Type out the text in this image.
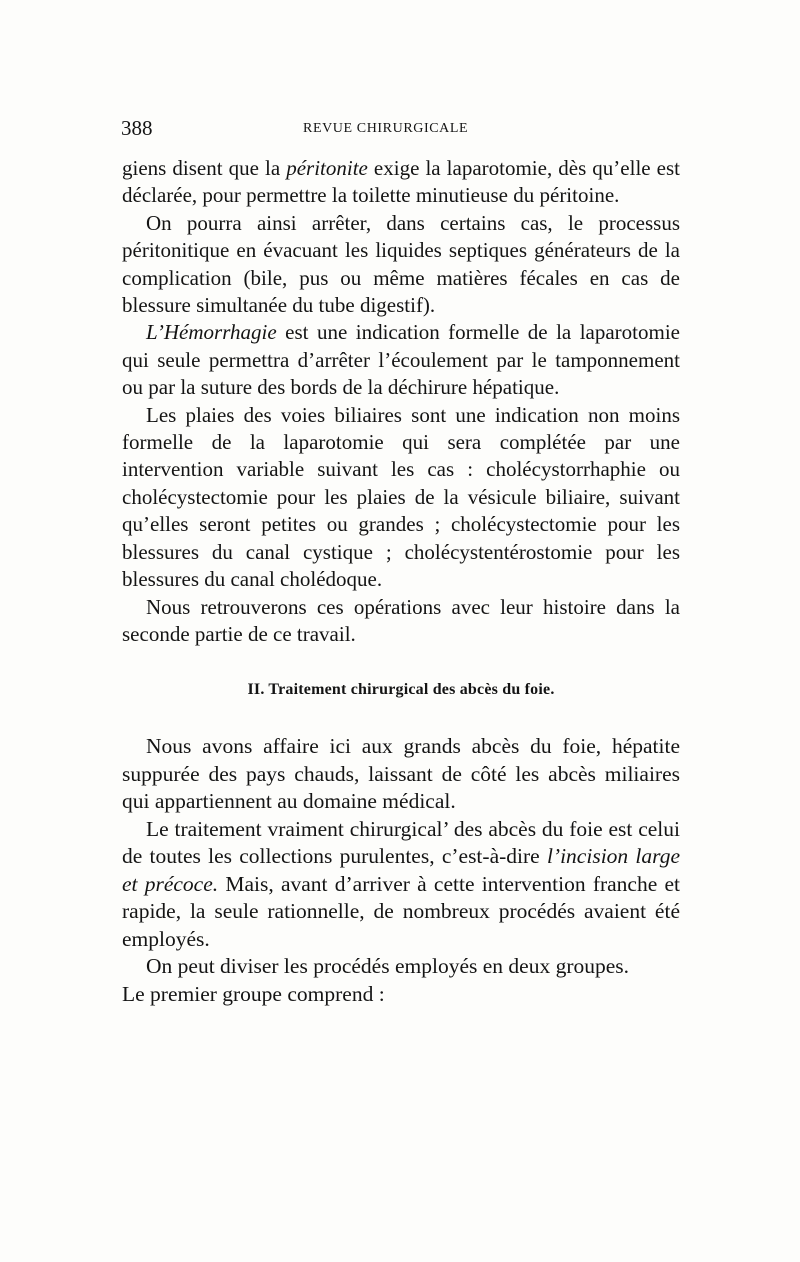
388	REVUE CHIRURGICALE

giens disent que la péritonite exige la laparotomie, dès qu’elle est déclarée, pour permettre la toilette minutieuse du péritoine.

On pourra ainsi arrêter, dans certains cas, le processus péritonitique en évacuant les liquides septiques générateurs de la complication (bile, pus ou même matières fécales en cas de blessure simultanée du tube digestif).

L’Hémorrhagie est une indication formelle de la laparotomie qui seule permettra d’arrêter l’écoulement par le tamponnement ou par la suture des bords de la déchirure hépatique.

Les plaies des voies biliaires sont une indication non moins formelle de la laparotomie qui sera complétée par une intervention variable suivant les cas : cholécystorrhaphie ou cholécystectomie pour les plaies de la vésicule biliaire, suivant qu’elles seront petites ou grandes ; cholécystectomie pour les blessures du canal cystique ; cholécystentérostomie pour les blessures du canal cholédoque.

Nous retrouverons ces opérations avec leur histoire dans la seconde partie de ce travail.

II. Traitement chirurgical des abcès du foie.

Nous avons affaire ici aux grands abcès du foie, hépatite suppurée des pays chauds, laissant de côté les abcès miliaires qui appartiennent au domaine médical.

Le traitement vraiment chirurgical’ des abcès du foie est celui de toutes les collections purulentes, c’est-à-dire l’incision large et précoce. Mais, avant d’arriver à cette intervention franche et rapide, la seule rationnelle, de nombreux procédés avaient été employés.

On peut diviser les procédés employés en deux groupes.

Le premier groupe comprend :
